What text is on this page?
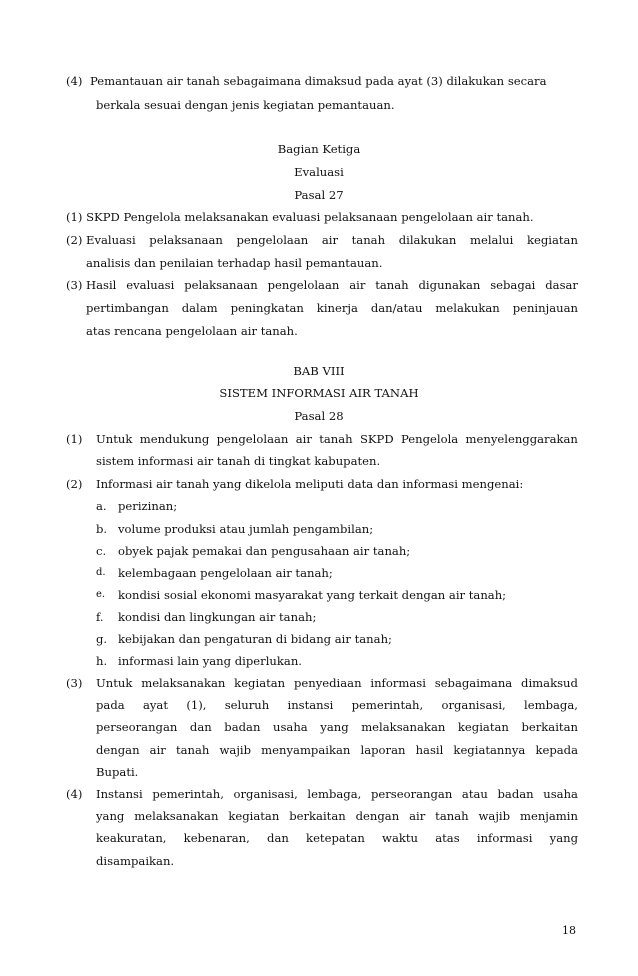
(4) Pemantauan air tanah sebagaimana dimaksud pada ayat (3) dilakukan secara
berkala sesuai dengan jenis kegiatan pemantauan.
Bagian Ketiga
Evaluasi
Pasal 27
(1) SKPD Pengelola melaksanakan evaluasi pelaksanaan pengelolaan air tanah.
(2) Evaluasi pelaksanaan pengelolaan air tanah dilakukan melalui kegiatan
analisis dan penilaian terhadap hasil pemantauan.
(3) Hasil evaluasi pelaksanaan pengelolaan air tanah digunakan sebagai dasar
pertimbangan dalam peningkatan kinerja dan/atau melakukan peninjauan
atas rencana pengelolaan air tanah.
BAB VIII
SISTEM INFORMASI AIR TANAH
Pasal 28
(1) Untuk mendukung pengelolaan air tanah SKPD Pengelola menyelenggarakan
sistem informasi air tanah di tingkat kabupaten.
(2) Informasi air tanah yang dikelola meliputi data dan informasi mengenai:
a. perizinan;
b. volume produksi atau jumlah pengambilan;
c. obyek pajak pemakai dan pengusahaan air tanah;
d. kelembagaan pengelolaan air tanah;
e. kondisi sosial ekonomi masyarakat yang terkait dengan air tanah;
f. kondisi dan lingkungan air tanah;
g. kebijakan dan pengaturan di bidang air tanah;
h. informasi lain yang diperlukan.
(3) Untuk melaksanakan kegiatan penyediaan informasi sebagaimana dimaksud
pada ayat (1), seluruh instansi pemerintah, organisasi, lembaga,
perseorangan dan badan usaha yang melaksanakan kegiatan berkaitan
dengan air tanah wajib menyampaikan laporan hasil kegiatannya kepada
Bupati.
(4) Instansi pemerintah, organisasi, lembaga, perseorangan atau badan usaha
yang melaksanakan kegiatan berkaitan dengan air tanah wajib menjamin
keakuratan, kebenaran, dan ketepatan waktu atas informasi yang
disampaikan.
18
